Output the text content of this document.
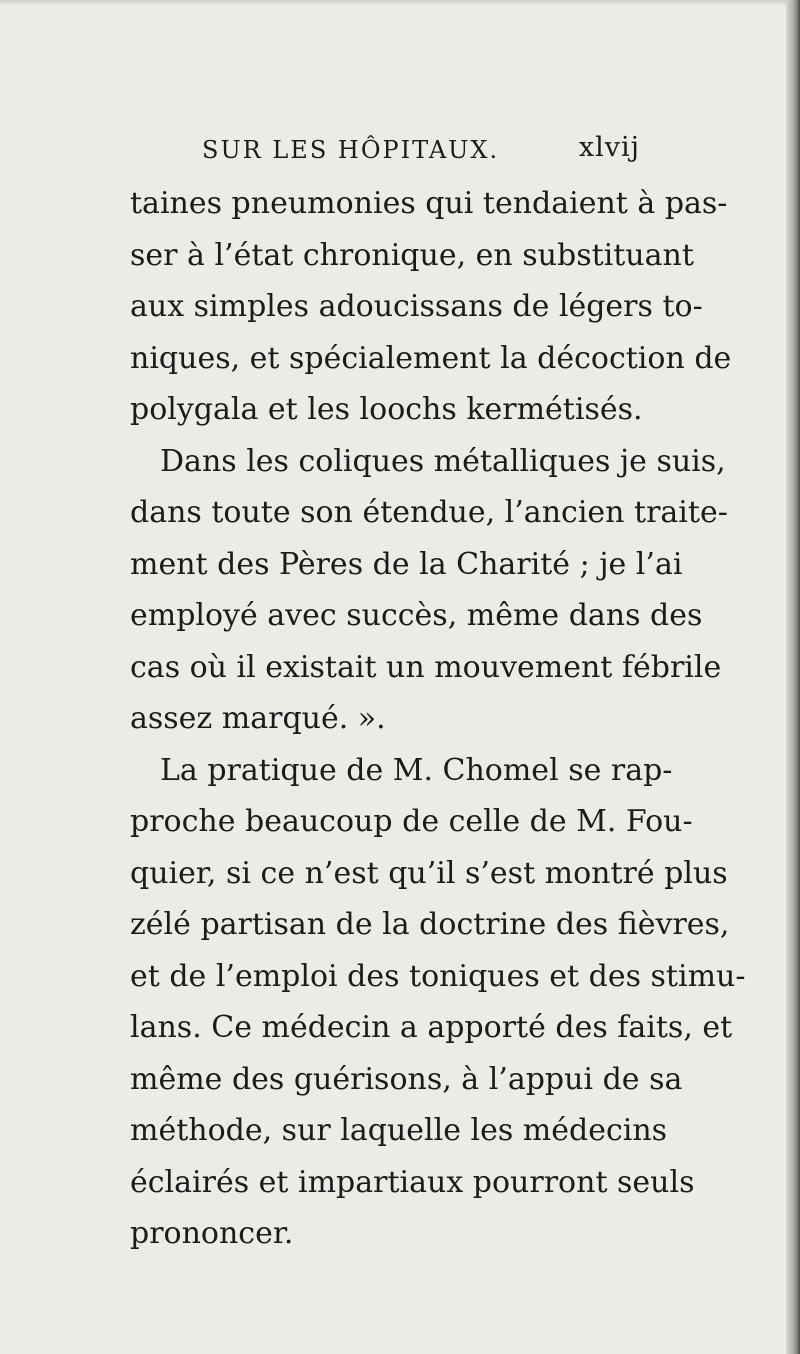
SUR LES HÔPITAUX.	xlvij
taines pneumonies qui tendaient à pas-
ser à l’état chronique, en substituant
aux simples adoucissans de légers to-
niques, et spécialement la décoction de
polygala et les loochs kermétisés.
Dans les coliques métalliques je suis,
dans toute son étendue, l’ancien traite-
ment des Pères de la Charité ; je l’ai
employé avec succès, même dans des
cas où il existait un mouvement fébrile
assez marqué. ».
La pratique de M. Chomel se rap-
proche beaucoup de celle de M. Fou-
quier, si ce n’est qu’il s’est montré plus
zélé partisan de la doctrine des fièvres,
et de l’emploi des toniques et des stimu-
lans. Ce médecin a apporté des faits, et
même des guérisons, à l’appui de sa
méthode, sur laquelle les médecins
éclairés et impartiaux pourront seuls
prononcer.
